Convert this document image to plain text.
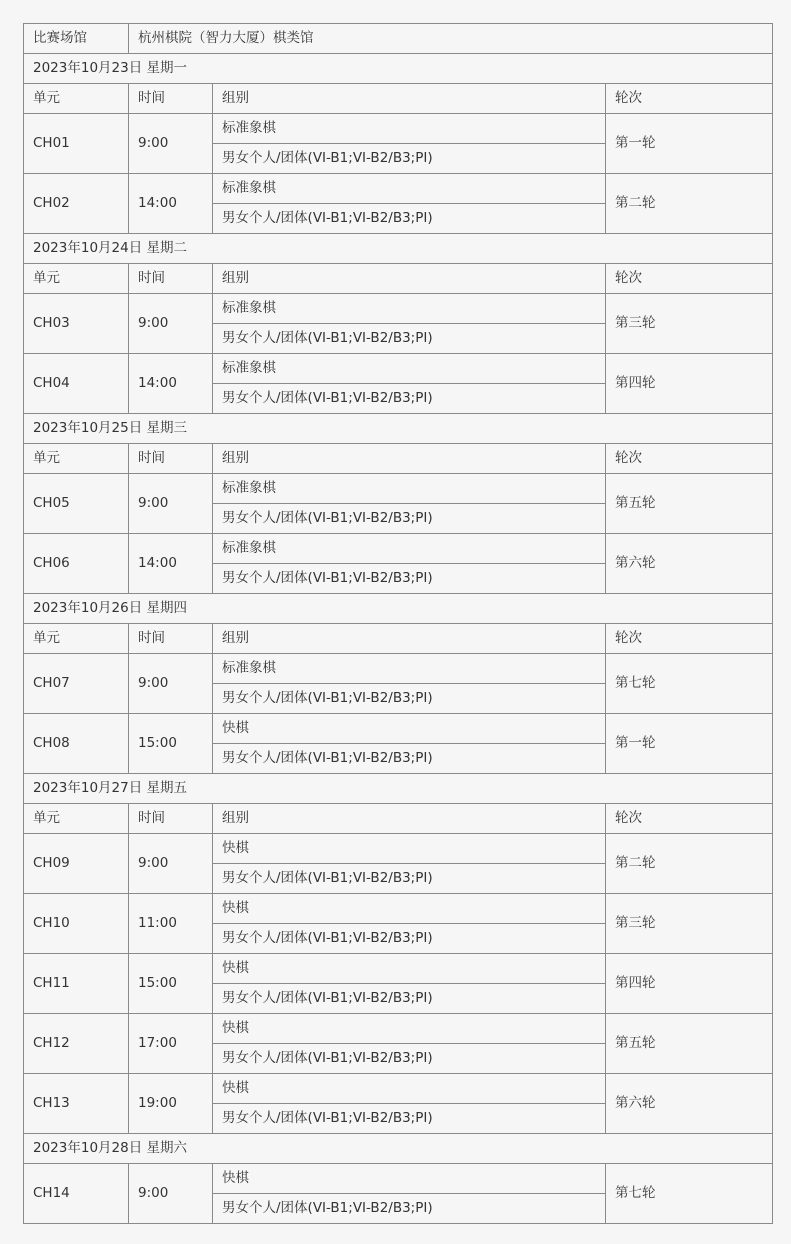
比赛场馆	杭州棋院（智力大厦）棋类馆		
2023年10月23日 星期一			
单元	时间	组别	轮次
CH01	9:00	标准象棋	第一轮
		男女个人/团体(VI-B1;VI-B2/B3;PI)	
CH02	14:00	标准象棋	第二轮
		男女个人/团体(VI-B1;VI-B2/B3;PI)	
2023年10月24日 星期二			
单元	时间	组别	轮次
CH03	9:00	标准象棋	第三轮
		男女个人/团体(VI-B1;VI-B2/B3;PI)	
CH04	14:00	标准象棋	第四轮
		男女个人/团体(VI-B1;VI-B2/B3;PI)	
2023年10月25日 星期三			
单元	时间	组别	轮次
CH05	9:00	标准象棋	第五轮
		男女个人/团体(VI-B1;VI-B2/B3;PI)	
CH06	14:00	标准象棋	第六轮
		男女个人/团体(VI-B1;VI-B2/B3;PI)	
2023年10月26日 星期四			
单元	时间	组别	轮次
CH07	9:00	标准象棋	第七轮
		男女个人/团体(VI-B1;VI-B2/B3;PI)	
CH08	15:00	快棋	第一轮
		男女个人/团体(VI-B1;VI-B2/B3;PI)	
2023年10月27日 星期五			
单元	时间	组别	轮次
CH09	9:00	快棋	第二轮
		男女个人/团体(VI-B1;VI-B2/B3;PI)	
CH10	11:00	快棋	第三轮
		男女个人/团体(VI-B1;VI-B2/B3;PI)	
CH11	15:00	快棋	第四轮
		男女个人/团体(VI-B1;VI-B2/B3;PI)	
CH12	17:00	快棋	第五轮
		男女个人/团体(VI-B1;VI-B2/B3;PI)	
CH13	19:00	快棋	第六轮
		男女个人/团体(VI-B1;VI-B2/B3;PI)	
2023年10月28日 星期六			
CH14	9:00	快棋	第七轮
		男女个人/团体(VI-B1;VI-B2/B3;PI)	
